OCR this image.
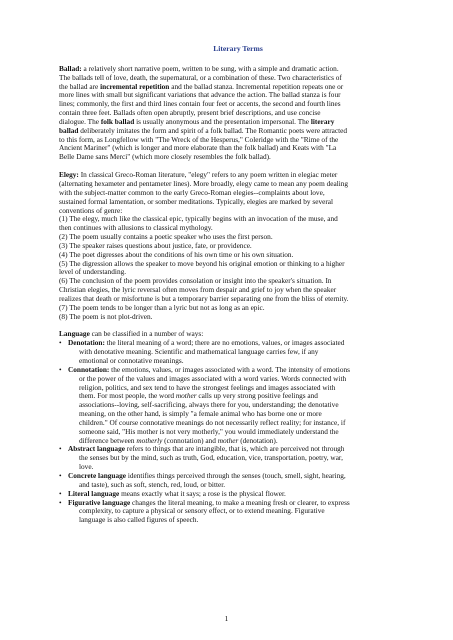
Literary Terms

Ballad: a relatively short narrative poem, written to be sung, with a simple and dramatic action.
The ballads tell of love, death, the supernatural, or a combination of these. Two characteristics of
the ballad are incremental repetition and the ballad stanza. Incremental repetition repeats one or
more lines with small but significant variations that advance the action. The ballad stanza is four
lines; commonly, the first and third lines contain four feet or accents, the second and fourth lines
contain three feet. Ballads often open abruptly, present brief descriptions, and use concise
dialogue. The folk ballad is usually anonymous and the presentation impersonal. The literary
ballad deliberately imitates the form and spirit of a folk ballad. The Romantic poets were attracted
to this form, as Longfellow with "The Wreck of the Hesperus," Coleridge with the "Rime of the
Ancient Mariner" (which is longer and more elaborate than the folk ballad) and Keats with "La
Belle Dame sans Merci" (which more closely resembles the folk ballad).

Elegy: In classical Greco-Roman literature, "elegy" refers to any poem written in elegiac meter
(alternating hexameter and pentameter lines). More broadly, elegy came to mean any poem dealing
with the subject-matter common to the early Greco-Roman elegies--complaints about love,
sustained formal lamentation, or somber meditations. Typically, elegies are marked by several
conventions of genre:
(1) The elegy, much like the classical epic, typically begins with an invocation of the muse, and
then continues with allusions to classical mythology.
(2) The poem usually contains a poetic speaker who uses the first person.
(3) The speaker raises questions about justice, fate, or providence.
(4) The poet digresses about the conditions of his own time or his own situation.
(5) The digression allows the speaker to move beyond his original emotion or thinking to a higher
level of understanding.
(6) The conclusion of the poem provides consolation or insight into the speaker's situation. In
Christian elegies, the lyric reversal often moves from despair and grief to joy when the speaker
realizes that death or misfortune is but a temporary barrier separating one from the bliss of eternity.
(7) The poem tends to be longer than a lyric but not as long as an epic.
(8) The poem is not plot-driven.

Language can be classified in a number of ways:
• Denotation: the literal meaning of a word; there are no emotions, values, or images associated
with denotative meaning. Scientific and mathematical language carries few, if any
emotional or connotative meanings.
• Connotation: the emotions, values, or images associated with a word. The intensity of emotions
or the power of the values and images associated with a word varies. Words connected with
religion, politics, and sex tend to have the strongest feelings and images associated with
them. For most people, the word mother calls up very strong positive feelings and
associations--loving, self-sacrificing, always there for you, understanding; the denotative
meaning, on the other hand, is simply "a female animal who has borne one or more
children." Of course connotative meanings do not necessarily reflect reality; for instance, if
someone said, "His mother is not very motherly," you would immediately understand the
difference between motherly (connotation) and mother (denotation).
• Abstract language refers to things that are intangible, that is, which are perceived not through
the senses but by the mind, such as truth, God, education, vice, transportation, poetry, war,
love.
• Concrete language identifies things perceived through the senses (touch, smell, sight, hearing,
and taste), such as soft, stench, red, loud, or bitter.
• Literal language means exactly what it says; a rose is the physical flower.
• Figurative language changes the literal meaning, to make a meaning fresh or clearer, to express
complexity, to capture a physical or sensory effect, or to extend meaning. Figurative
language is also called figures of speech.
1
